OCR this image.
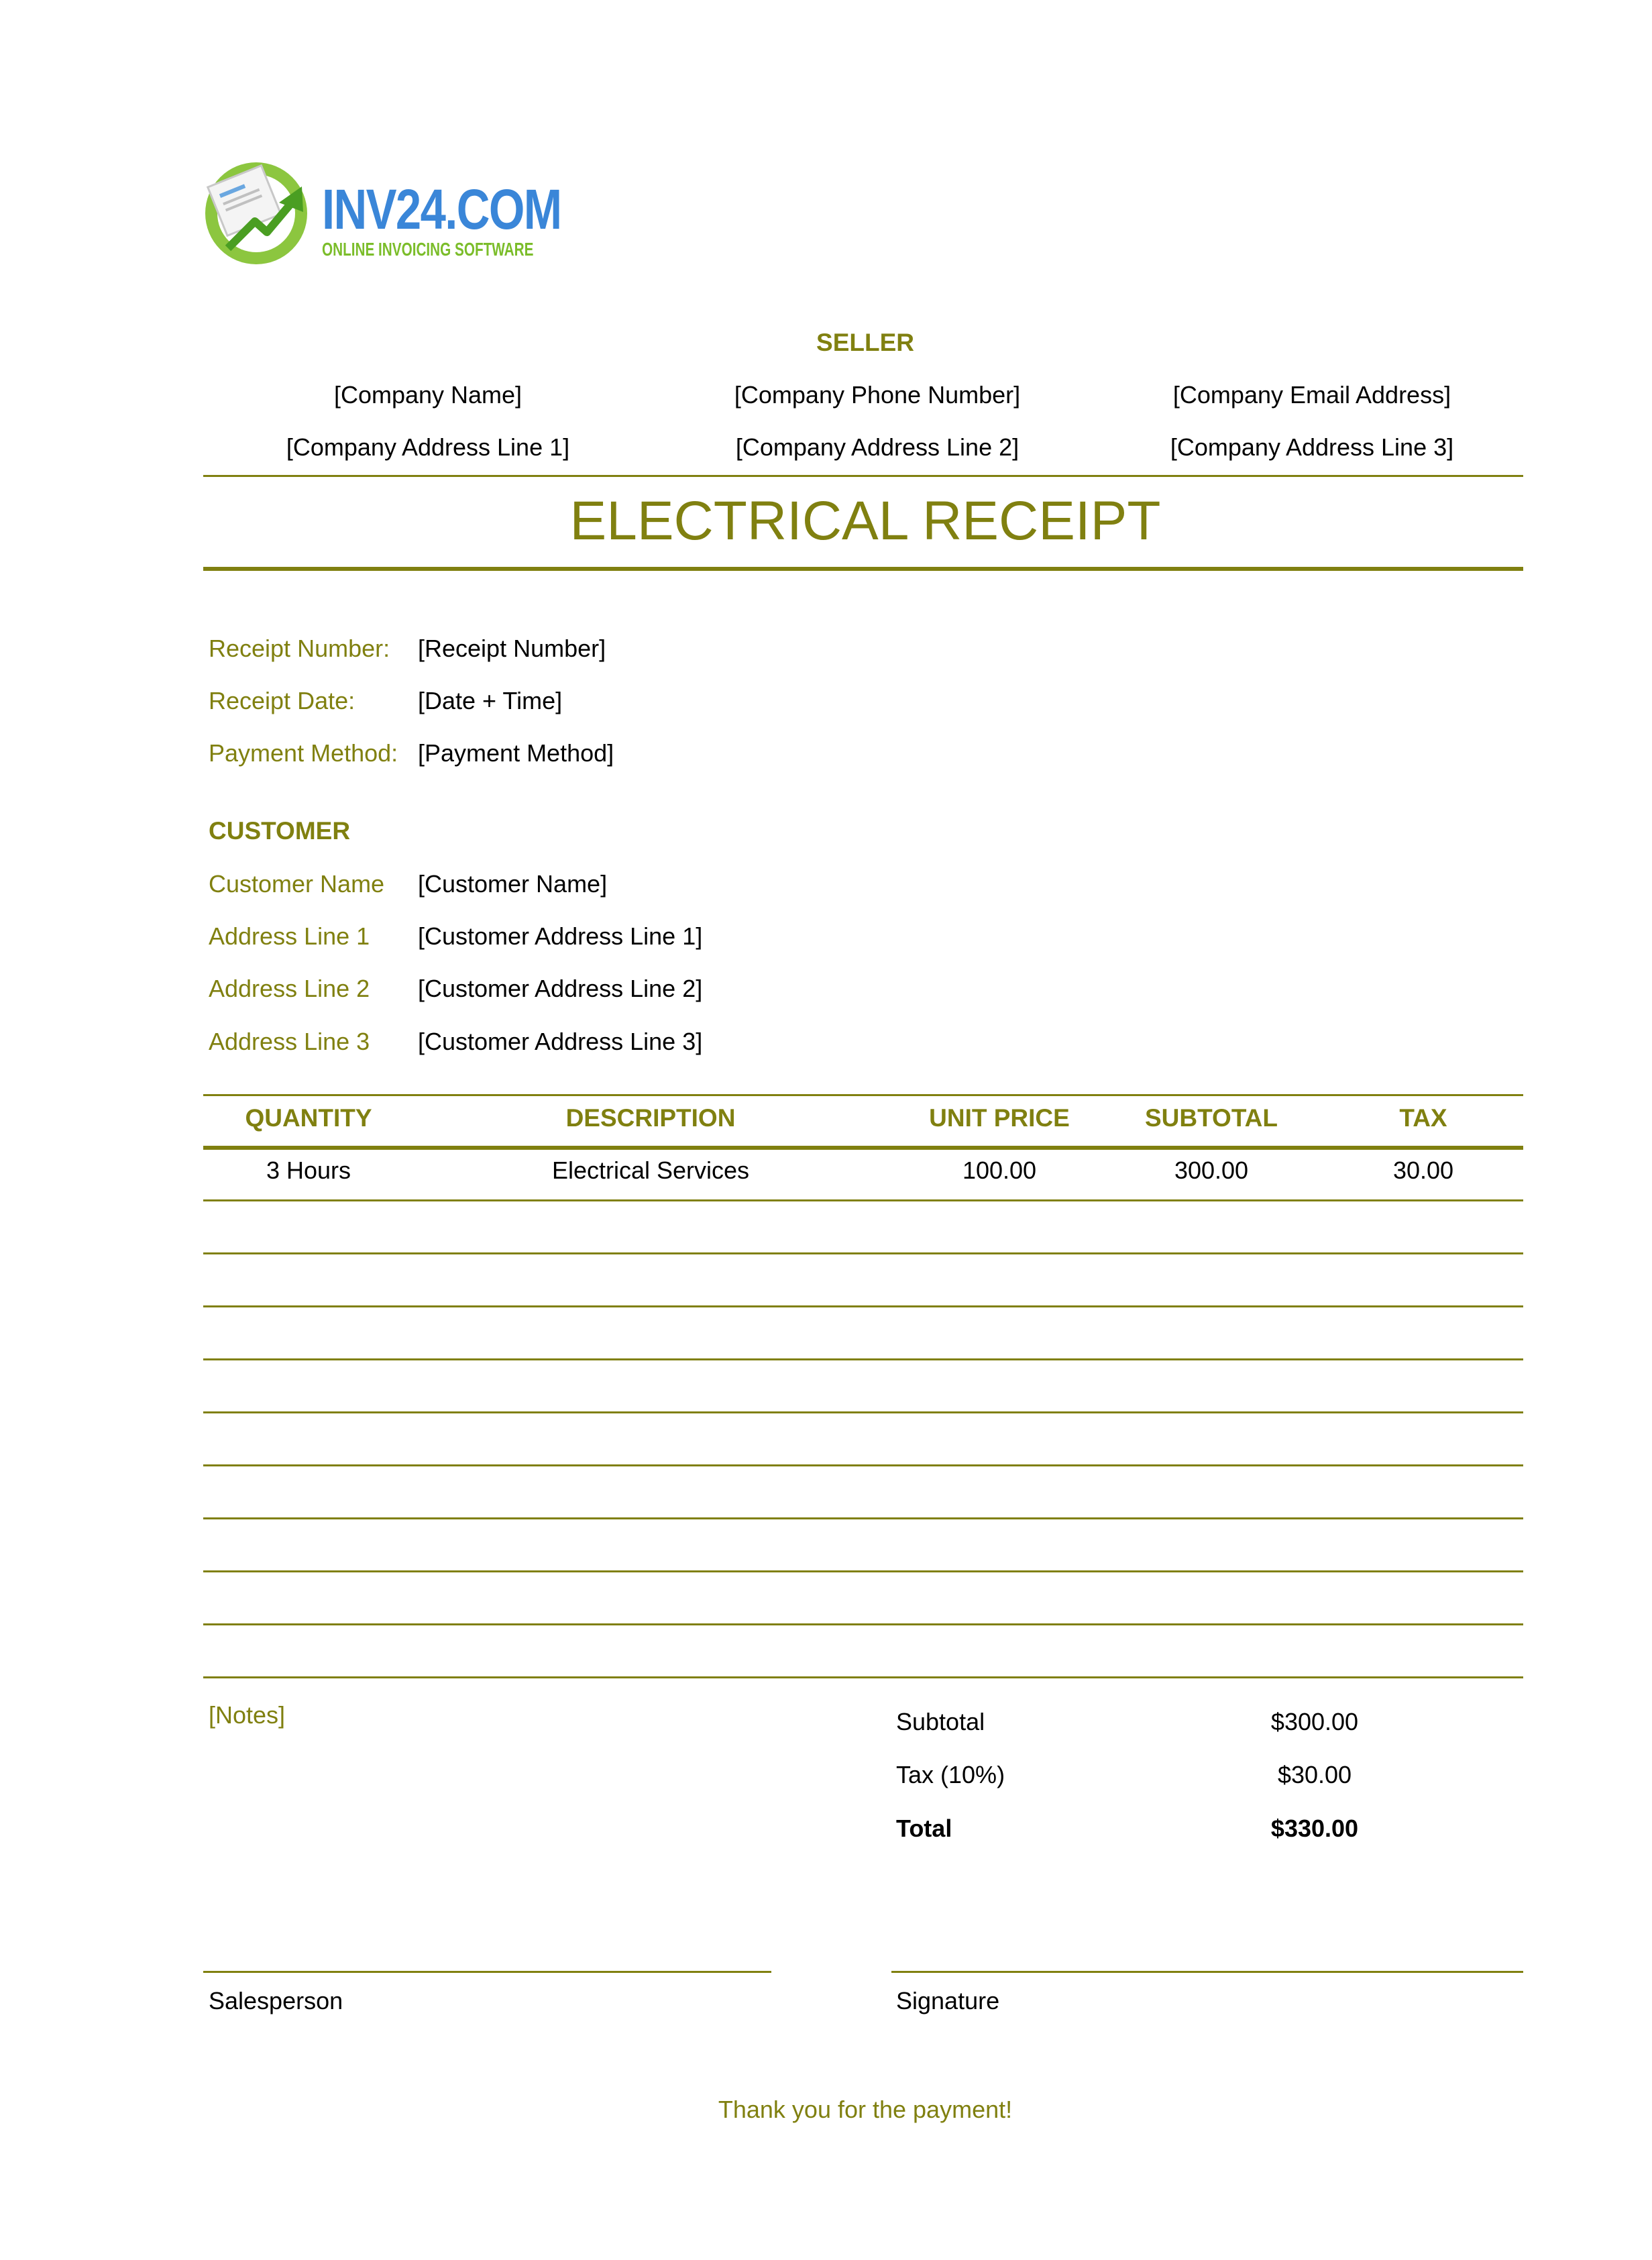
INV24.COM
ONLINE INVOICING SOFTWARE
SELLER
[Company Name]	[Company Phone Number]	[Company Email Address]
[Company Address Line 1]	[Company Address Line 2]	[Company Address Line 3]
ELECTRICAL RECEIPT
Receipt Number: [Receipt Number]
Receipt Date:	[Date + Time]
Payment Method: [Payment Method]
CUSTOMER
Customer Name [Customer Name]
Address Line 1 [Customer Address Line 1]
Address Line 2 [Customer Address Line 2]
Address Line 3 [Customer Address Line 3]
QUANTITY	DESCRIPTION	UNIT PRICE	SUBTOTAL	TAX
3 Hours	Electrical Services	100.00	300.00	30.00
[Notes]	Subtotal	$300.00
Tax (10%)	$30.00
Total	$330.00
Salesperson	Signature
Thank you for the payment!
